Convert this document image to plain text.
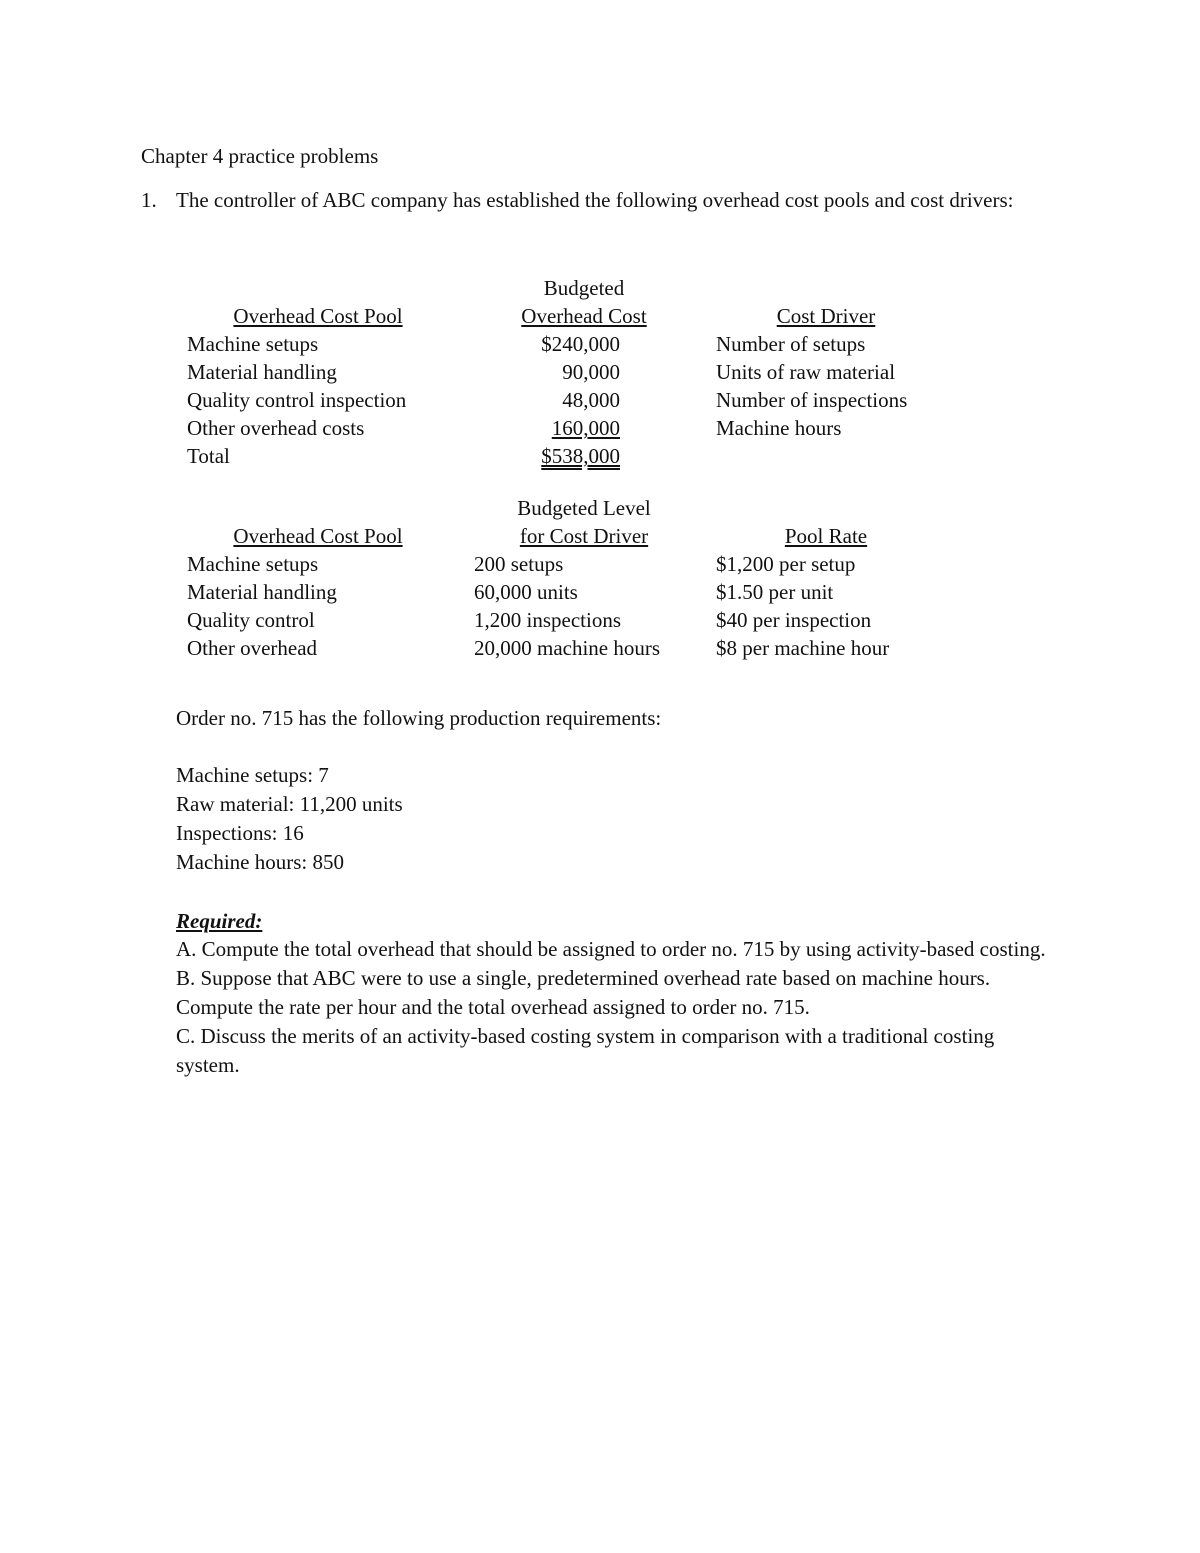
Chapter 4 practice problems
1. The controller of ABC company has established the following overhead cost pools and cost drivers:
Budgeted
Overhead Cost Pool	Overhead Cost	Cost Driver
Machine setups	$240,000	Number of setups
Material handling	90,000	Units of raw material
Quality control inspection	48,000	Number of inspections
Other overhead costs	160,000	Machine hours
Total	$538,000
Budgeted Level
Overhead Cost Pool	for Cost Driver	Pool Rate
Machine setups	200 setups	$1,200 per setup
Material handling	60,000 units	$1.50 per unit
Quality control	1,200 inspections	$40 per inspection
Other overhead	20,000 machine hours	$8 per machine hour
Order no. 715 has the following production requirements:
Machine setups: 7
Raw material: 11,200 units
Inspections: 16
Machine hours: 850
Required:
A. Compute the total overhead that should be assigned to order no. 715 by using activity-based costing.
B. Suppose that ABC were to use a single, predetermined overhead rate based on machine hours. Compute the rate per hour and the total overhead assigned to order no. 715.
C. Discuss the merits of an activity-based costing system in comparison with a traditional costing system.
